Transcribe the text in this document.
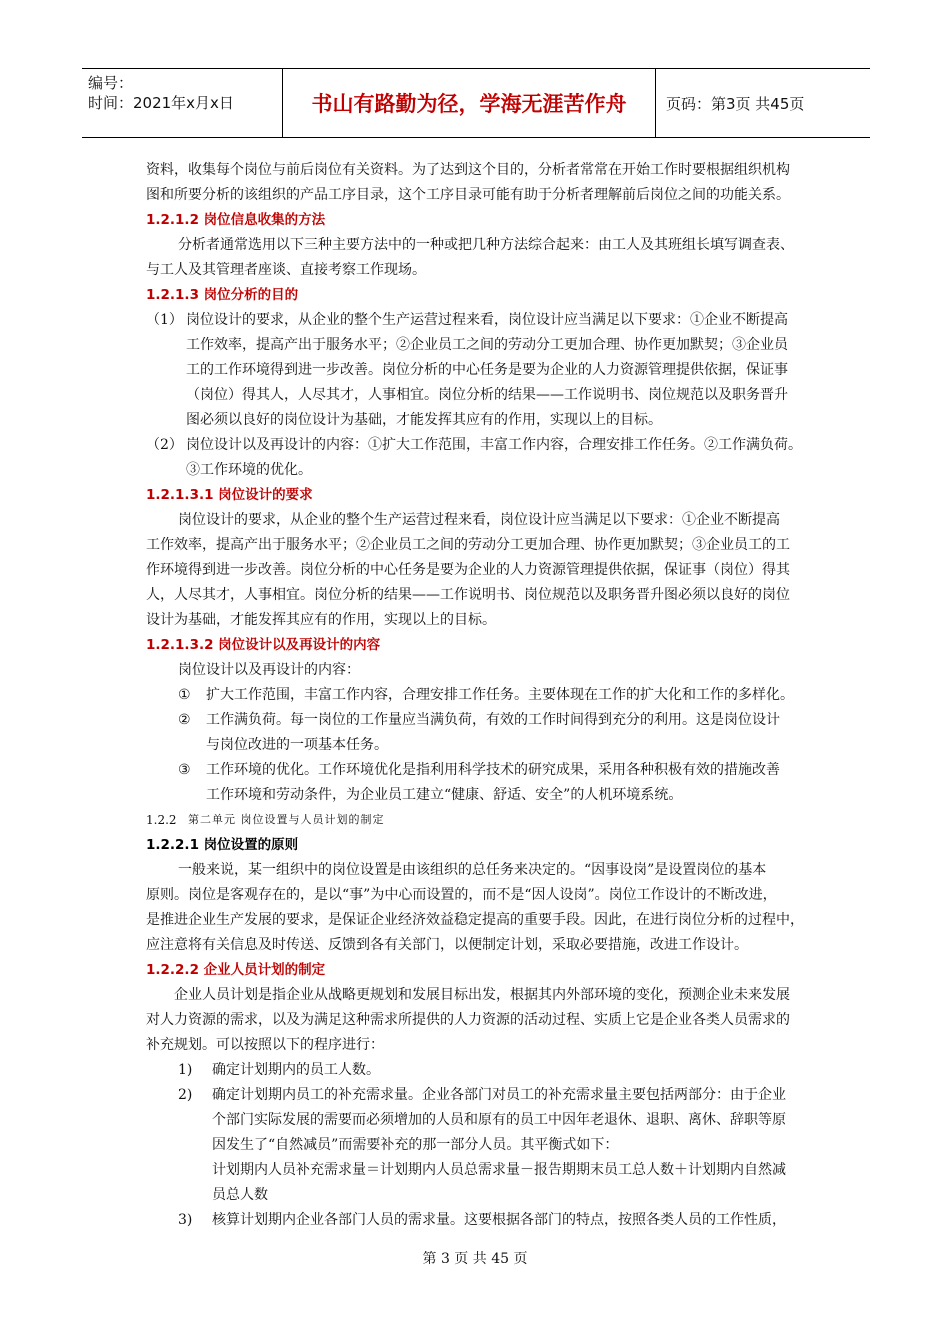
编号：
时间：2021年x月x日	书山有路勤为径，学海无涯苦作舟	页码：第3页 共45页
资料，收集每个岗位与前后岗位有关资料。为了达到这个目的，分析者常常在开始工作时要根据组织机构
图和所要分析的该组织的产品工序目录，这个工序目录可能有助于分析者理解前后岗位之间的功能关系。
1.2.1.2 岗位信息收集的方法
分析者通常选用以下三种主要方法中的一种或把几种方法综合起来：由工人及其班组长填写调查表、
与工人及其管理者座谈、直接考察工作现场。
1.2.1.3 岗位分析的目的
（1） 岗位设计的要求，从企业的整个生产运营过程来看，岗位设计应当满足以下要求：①企业不断提高
工作效率，提高产出于服务水平；②企业员工之间的劳动分工更加合理、协作更加默契；③企业员
工的工作环境得到进一步改善。岗位分析的中心任务是要为企业的人力资源管理提供依据，保证事
（岗位）得其人，人尽其才，人事相宜。岗位分析的结果——工作说明书、岗位规范以及职务晋升
图必须以良好的岗位设计为基础，才能发挥其应有的作用，实现以上的目标。
（2） 岗位设计以及再设计的内容：①扩大工作范围，丰富工作内容，合理安排工作任务。②工作满负荷。
③工作环境的优化。
1.2.1.3.1 岗位设计的要求
岗位设计的要求，从企业的整个生产运营过程来看，岗位设计应当满足以下要求：①企业不断提高
工作效率，提高产出于服务水平；②企业员工之间的劳动分工更加合理、协作更加默契；③企业员工的工
作环境得到进一步改善。岗位分析的中心任务是要为企业的人力资源管理提供依据，保证事（岗位）得其
人，人尽其才，人事相宜。岗位分析的结果——工作说明书、岗位规范以及职务晋升图必须以良好的岗位
设计为基础，才能发挥其应有的作用，实现以上的目标。
1.2.1.3.2 岗位设计以及再设计的内容
岗位设计以及再设计的内容：
① 扩大工作范围，丰富工作内容，合理安排工作任务。主要体现在工作的扩大化和工作的多样化。
② 工作满负荷。每一岗位的工作量应当满负荷，有效的工作时间得到充分的利用。这是岗位设计
与岗位改进的一项基本任务。
③ 工作环境的优化。工作环境优化是指利用科学技术的研究成果，采用各种积极有效的措施改善
工作环境和劳动条件，为企业员工建立“健康、舒适、安全”的人机环境系统。
1.2.2 第二单元 岗位设置与人员计划的制定
1.2.2.1 岗位设置的原则
一般来说，某一组织中的岗位设置是由该组织的总任务来决定的。“因事设岗”是设置岗位的基本
原则。岗位是客观存在的，是以“事”为中心而设置的，而不是“因人设岗”。岗位工作设计的不断改进，
是推进企业生产发展的要求，是保证企业经济效益稳定提高的重要手段。因此，在进行岗位分析的过程中，
应注意将有关信息及时传送、反馈到各有关部门，以便制定计划，采取必要措施，改进工作设计。
1.2.2.2 企业人员计划的制定
企业人员计划是指企业从战略更规划和发展目标出发，根据其内外部环境的变化，预测企业未来发展
对人力资源的需求，以及为满足这种需求所提供的人力资源的活动过程、实质上它是企业各类人员需求的
补充规划。可以按照以下的程序进行：
1) 确定计划期内的员工人数。
2) 确定计划期内员工的补充需求量。企业各部门对员工的补充需求量主要包括两部分：由于企业
个部门实际发展的需要而必须增加的人员和原有的员工中因年老退休、退职、离休、辞职等原
因发生了“自然减员”而需要补充的那一部分人员。其平衡式如下：
计划期内人员补充需求量＝计划期内人员总需求量－报告期期末员工总人数＋计划期内自然减
员总人数
3) 核算计划期内企业各部门人员的需求量。这要根据各部门的特点，按照各类人员的工作性质，
第 3 页 共 45 页
